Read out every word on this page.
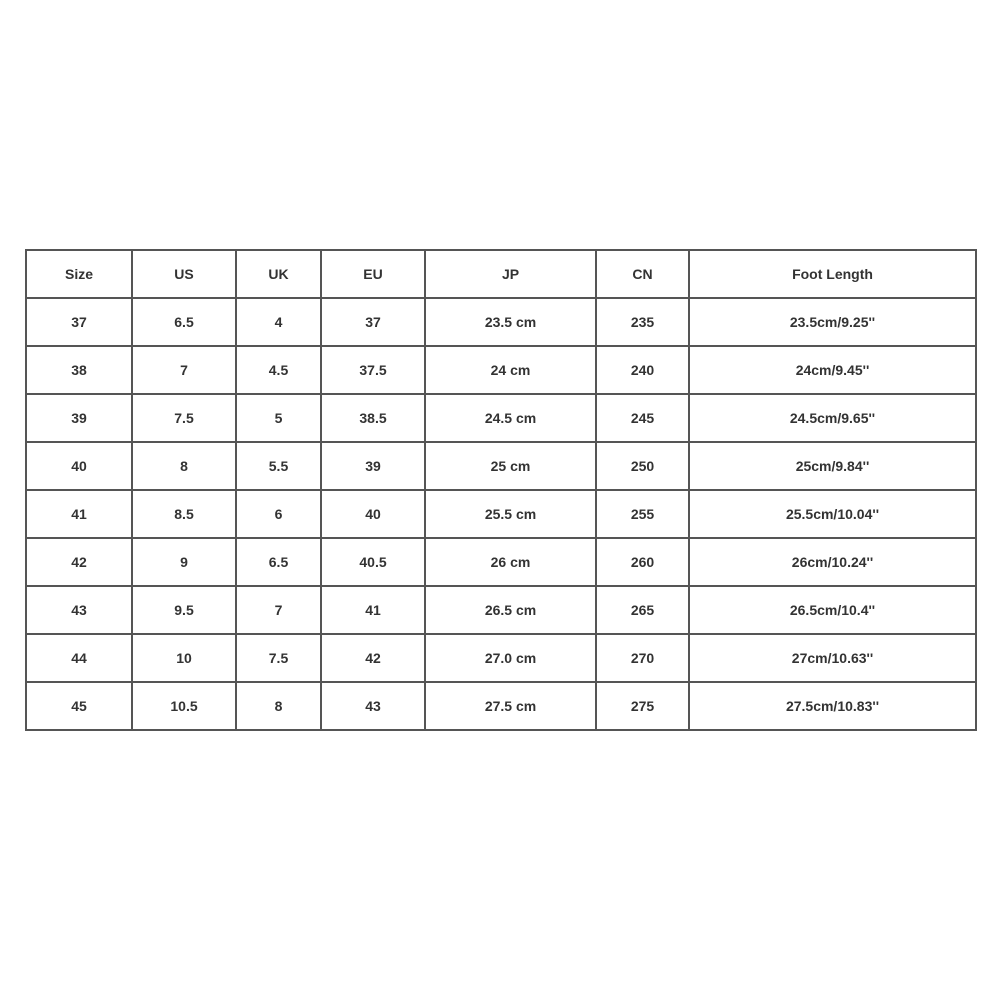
Size	US	UK	EU	JP	CN	Foot Length
37	6.5	4	37	23.5 cm	235	23.5cm/9.25''
38	7	4.5	37.5	24 cm	240	24cm/9.45''
39	7.5	5	38.5	24.5 cm	245	24.5cm/9.65''
40	8	5.5	39	25 cm	250	25cm/9.84''
41	8.5	6	40	25.5 cm	255	25.5cm/10.04''
42	9	6.5	40.5	26 cm	260	26cm/10.24''
43	9.5	7	41	26.5 cm	265	26.5cm/10.4''
44	10	7.5	42	27.0 cm	270	27cm/10.63''
45	10.5	8	43	27.5 cm	275	27.5cm/10.83''
